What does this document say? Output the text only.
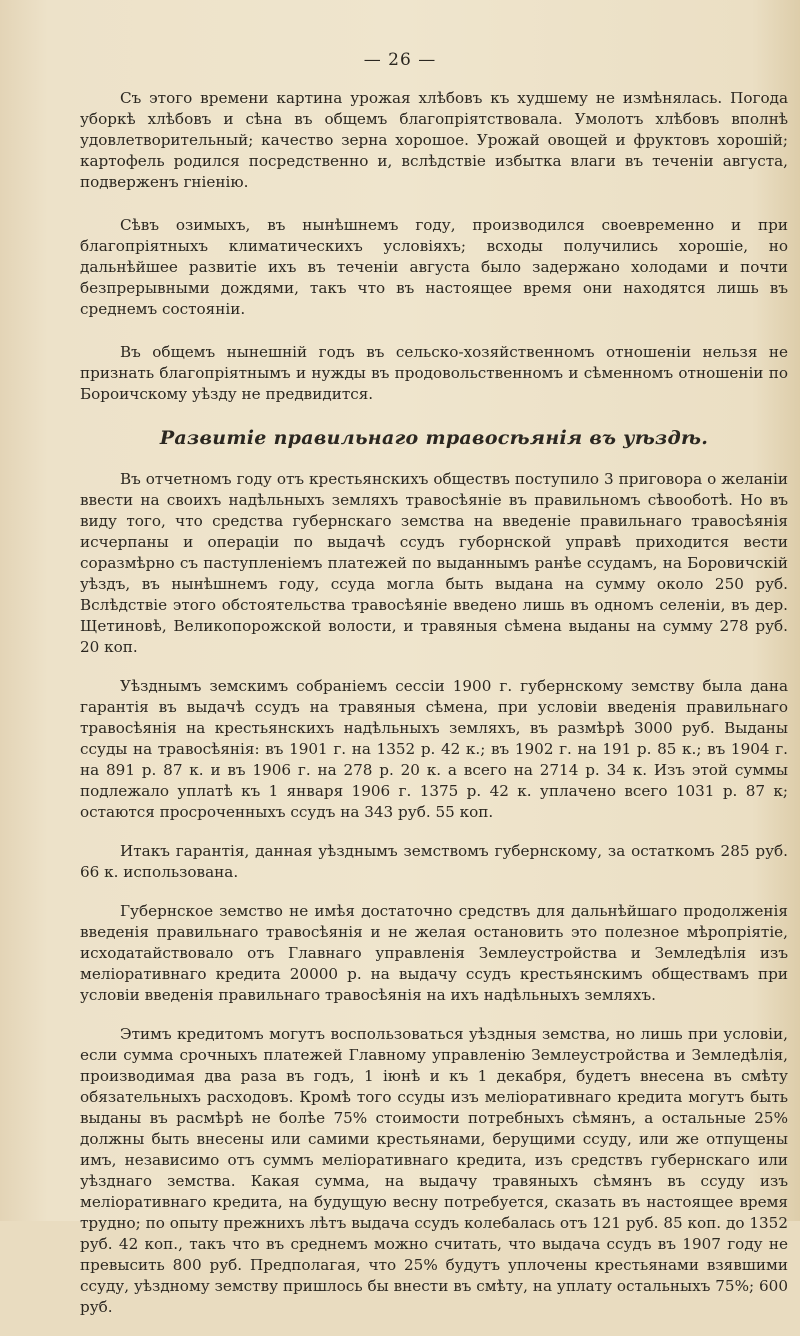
— 26 —

Съ этого времени картина урожая хлѣбовъ къ худшему не измѣнялась. Погода уборкѣ хлѣбовъ и сѣна въ общемъ благопріятствовала. Умолотъ хлѣбовъ вполнѣ удовлетворительный; качество зерна хорошое. Урожай овощей и фруктовъ хорошій; картофель родился посредственно и, вслѣдствіе избытка влаги въ теченіи августа, подверженъ гніенію.

Сѣвъ озимыхъ, въ нынѣшнемъ году, производился своевременно и при благопріятныхъ климатическихъ условіяхъ; всходы получились хорошіе, но дальнѣйшее развитіе ихъ въ теченіи августа было задержано холодами и почти безпрерывными дождями, такъ что въ настоящее время они находятся лишь въ среднемъ состояніи.

Въ общемъ нынешній годъ въ сельско-хозяйственномъ отношеніи нельзя не признать благопріятнымъ и нужды въ продовольственномъ и сѣменномъ отношеніи по Бороичскому уѣзду не предвидится.

Развитіе правильнаго травосѣянія въ уѣздѣ.

Въ отчетномъ году отъ крестьянскихъ обществъ поступило 3 приговора о желаніи ввести на своихъ надѣльныхъ земляхъ травосѣяніе въ правильномъ сѣвооботѣ. Но въ виду того, что средства губернскаго земства на введеніе правильнаго травосѣянія исчерпаны и операціи по выдачѣ ссудъ губорнской управѣ приходится вести соразмѣрно съ паступленіемъ платежей по выданнымъ ранѣе ссудамъ, на Боровичскій уѣздъ, въ нынѣшнемъ году, ссуда могла быть выдана на сумму около 250 руб. Вслѣдствіе этого обстоятельства травосѣяніе введено лишь въ одномъ селеніи, въ дер. Щетиновѣ, Великопорожской волости, и травяныя сѣмена выданы на сумму 278 руб. 20 коп.

Уѣзднымъ земскимъ собраніемъ сессіи 1900 г. губернскому земству была дана гарантія въ выдачѣ ссудъ на травяныя сѣмена, при условіи введенія правильнаго травосѣянія на крестьянскихъ надѣльныхъ земляхъ, въ размѣрѣ 3000 руб. Выданы ссуды на травосѣянія: въ 1901 г. на 1352 р. 42 к.; въ 1902 г. на 191 р. 85 к.; въ 1904 г. на 891 р. 87 к. и въ 1906 г. на 278 р. 20 к. а всего на 2714 р. 34 к. Изъ этой суммы подлежало уплатѣ къ 1 января 1906 г. 1375 р. 42 к. уплачено всего 1031 р. 87 к; остаются просроченныхъ ссудъ на 343 руб. 55 коп.

Итакъ гарантія, данная уѣзднымъ земствомъ губернскому, за остаткомъ 285 руб. 66 к. использована.

Губернское земство не имѣя достаточно средствъ для дальнѣйшаго продолженія введенія правильнаго травосѣянія и не желая остановить это полезное мѣропріятіе, исходатайствовало отъ Главнаго управленія Землеустройства и Земледѣлія изъ меліоративнаго кредита 20000 р. на выдачу ссудъ крестьянскимъ обществамъ при условіи введенія правильнаго травосѣянія на ихъ надѣльныхъ земляхъ.

Этимъ кредитомъ могутъ воспользоваться уѣздныя земства, но лишь при условіи, если сумма срочныхъ платежей Главному управленію Землеустройства и Земледѣлія, производимая два раза въ годъ, 1 іюнѣ и къ 1 декабря, будетъ внесена въ смѣту обязательныхъ расходовъ. Кромѣ того ссуды изъ меліоративнаго кредита могутъ быть выданы въ расмѣрѣ не болѣе 75% стоимости потребныхъ сѣмянъ, а остальные 25% должны быть внесены или самими крестьянами, берущими ссуду, или же отпущены имъ, независимо отъ суммъ меліоративнаго кредита, изъ средствъ губернскаго или уѣзднаго земства. Какая сумма, на выдачу травяныхъ сѣмянъ въ ссуду изъ меліоративнаго кредита, на будущую весну потребуется, сказать въ настоящее время трудно; по опыту прежнихъ лѣтъ выдача ссудъ колебалась отъ 121 руб. 85 коп. до 1352 руб. 42 коп., такъ что въ среднемъ можно считать, что выдача ссудъ въ 1907 году не превысить 800 руб. Предполагая, что 25% будутъ уплочены крестьянами взявшими ссуду, уѣздному земству пришлось бы внести въ смѣту, на уплату остальныхъ 75%; 600 руб.
